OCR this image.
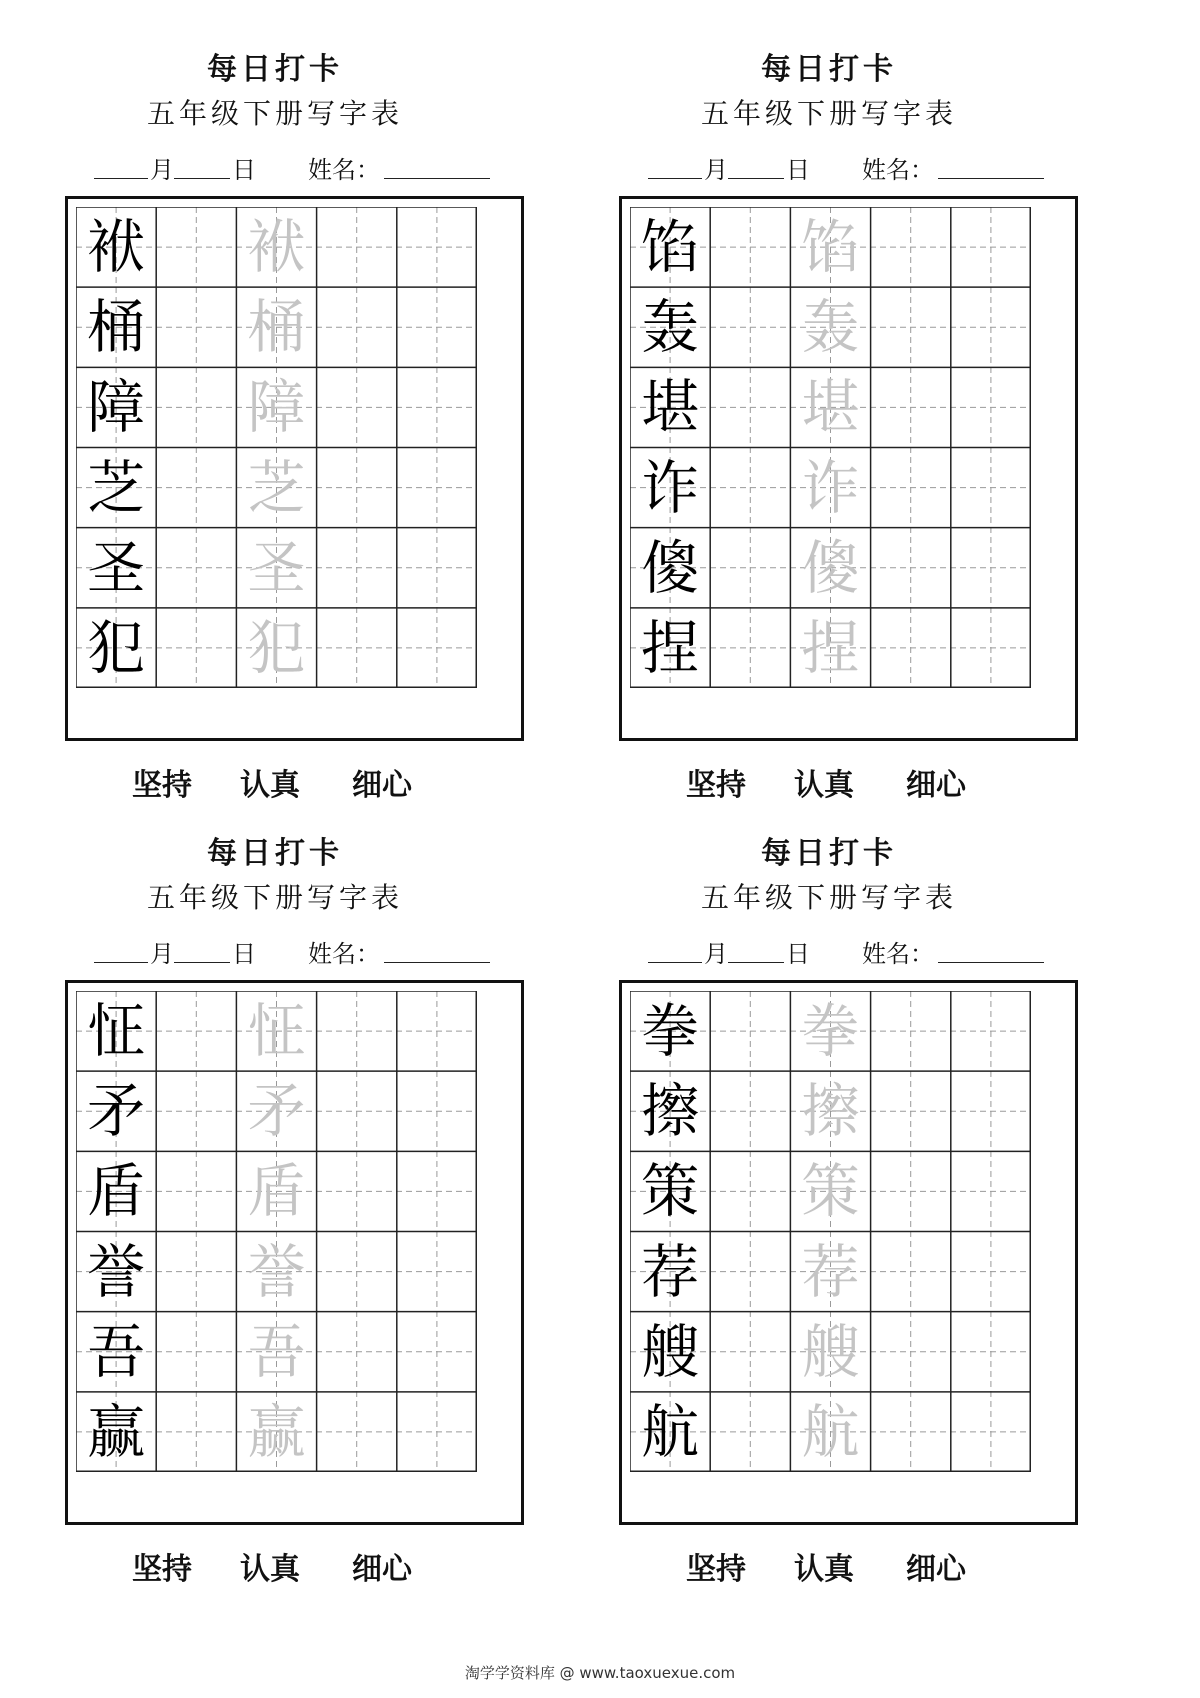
每日打卡
五年级下册写字表
月 日 姓名：
袱 袱
桶 桶
障 障
芝 芝
圣 圣
犯 犯
坚持 认真 细心
每日打卡
五年级下册写字表
月 日 姓名：
馅 馅
轰 轰
堪 堪
诈 诈
傻 傻
捏 捏
坚持 认真 细心
每日打卡
五年级下册写字表
月 日 姓名：
怔 怔
矛 矛
盾 盾
誉 誉
吾 吾
赢 赢
坚持 认真 细心
每日打卡
五年级下册写字表
月 日 姓名：
拳 拳
擦 擦
策 策
荐 荐
艘 艘
航 航
坚持 认真 细心
淘学学资料库 @ www.taoxuexue.com
